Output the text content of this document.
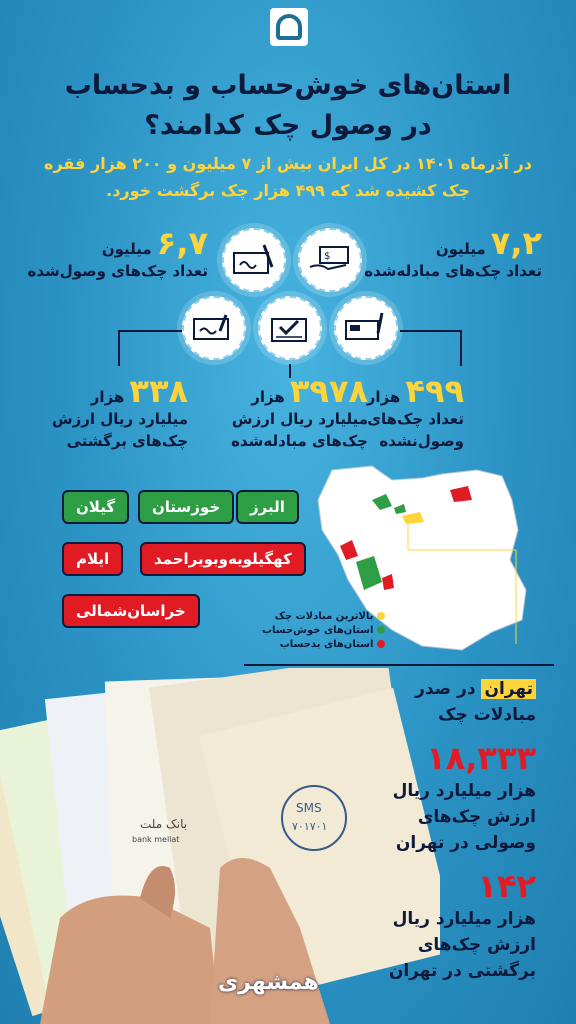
استان‌های خوش‌حساب و بدحساب
در وصول چک کدامند؟
در آذرماه ۱۴۰۱ در کل ایران بیش از ۷ میلیون و ۲۰۰ هزار فقره
چک کشیده شد که ۴۹۹ هزار چک برگشت خورد.
۷,۲ میلیون
تعداد چک‌های مبادله‌شده
۶,۷ میلیون
تعداد چک‌های وصول‌شده
$
۴۹۹ هزار
تعداد چک‌های
وصول‌نشده
۳۹۷۸ هزار
میلیارد ریال ارزش
چک‌های مبادله‌شده
۳۳۸ هزار
میلیارد ریال ارزش
چک‌های برگشتی
البرز
خوزستان
گیلان
کهگیلویه‌وبویراحمد
ایلام
خراسان‌شمالی	بالاترین مبادلات چک
استان‌های خوش‌حساب
استان‌های بدحساب
SMS
۷۰۱۷۰۱
بانک ملت
bank mellat
تهران در صدر
مبادلات چک
۱۸,۳۳۳
هزار میلیارد ریال
ارزش چک‌های
وصولی در تهران
۱۴۲
هزار میلیارد ریال
ارزش چک‌های
برگشتی در تهران
همشهری
